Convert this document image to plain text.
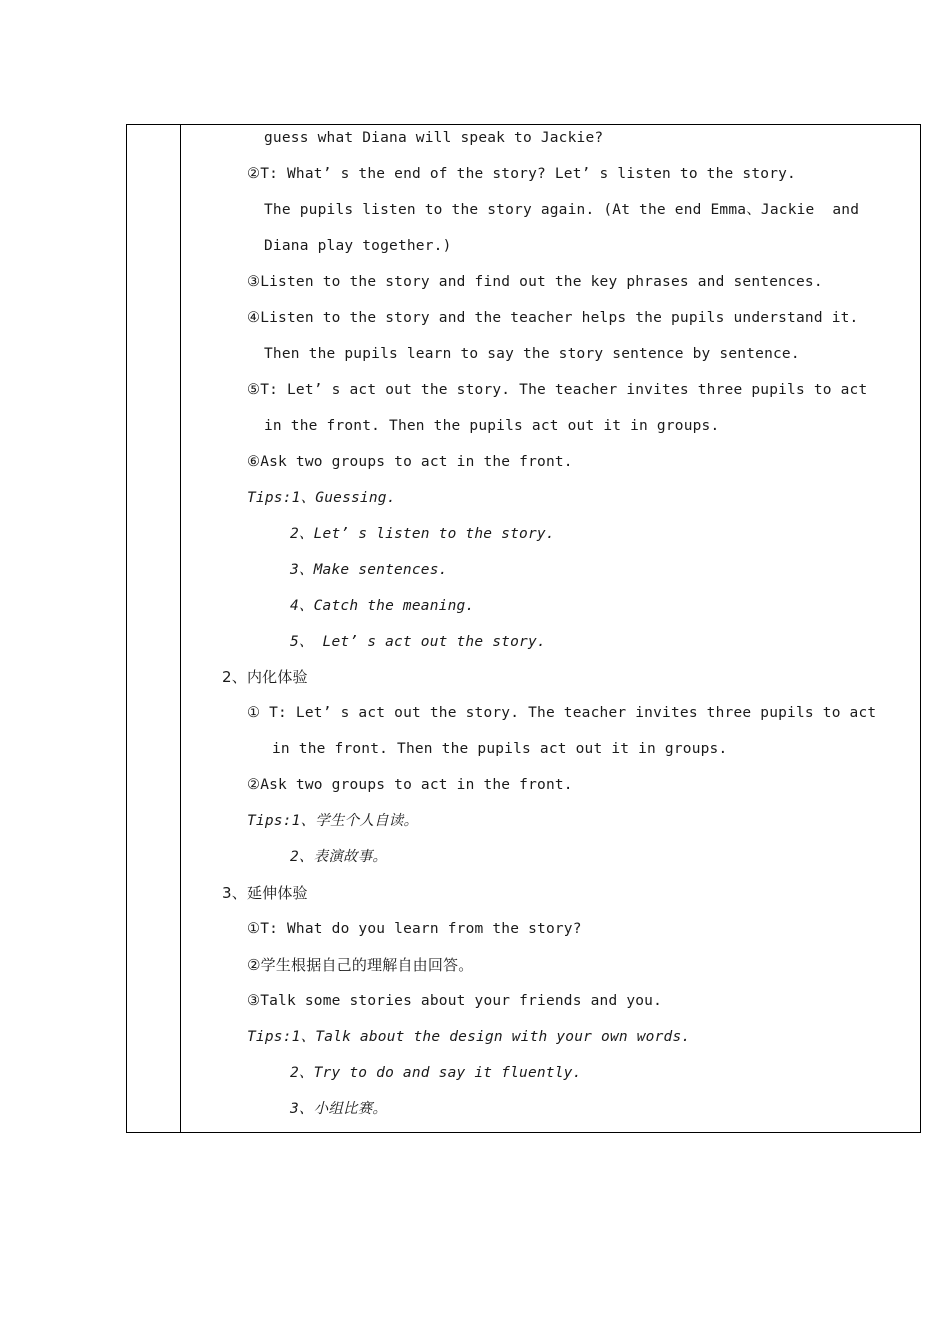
guess what Diana will speak to Jackie?
②T: What’ s the end of the story? Let’ s listen to the story.
The pupils listen to the story again. (At the end Emma、Jackie  and
Diana play together.)
③Listen to the story and find out the key phrases and sentences.
④Listen to the story and the teacher helps the pupils understand it.
Then the pupils learn to say the story sentence by sentence.
⑤T: Let’ s act out the story. The teacher invites three pupils to act
in the front. Then the pupils act out it in groups.
⑥Ask two groups to act in the front.
Tips:1、Guessing.
2、Let’ s listen to the story.
3、Make sentences.
4、Catch the meaning.
5、 Let’ s act out the story.
2、内化体验
① T: Let’ s act out the story. The teacher invites three pupils to act
in the front. Then the pupils act out it in groups.
②Ask two groups to act in the front.
Tips:1、学生个人自读。
2、表演故事。
3、延伸体验
①T: What do you learn from the story?
②学生根据自己的理解自由回答。
③Talk some stories about your friends and you.
Tips:1、Talk about the design with your own words.
2、Try to do and say it fluently.
3、小组比赛。
